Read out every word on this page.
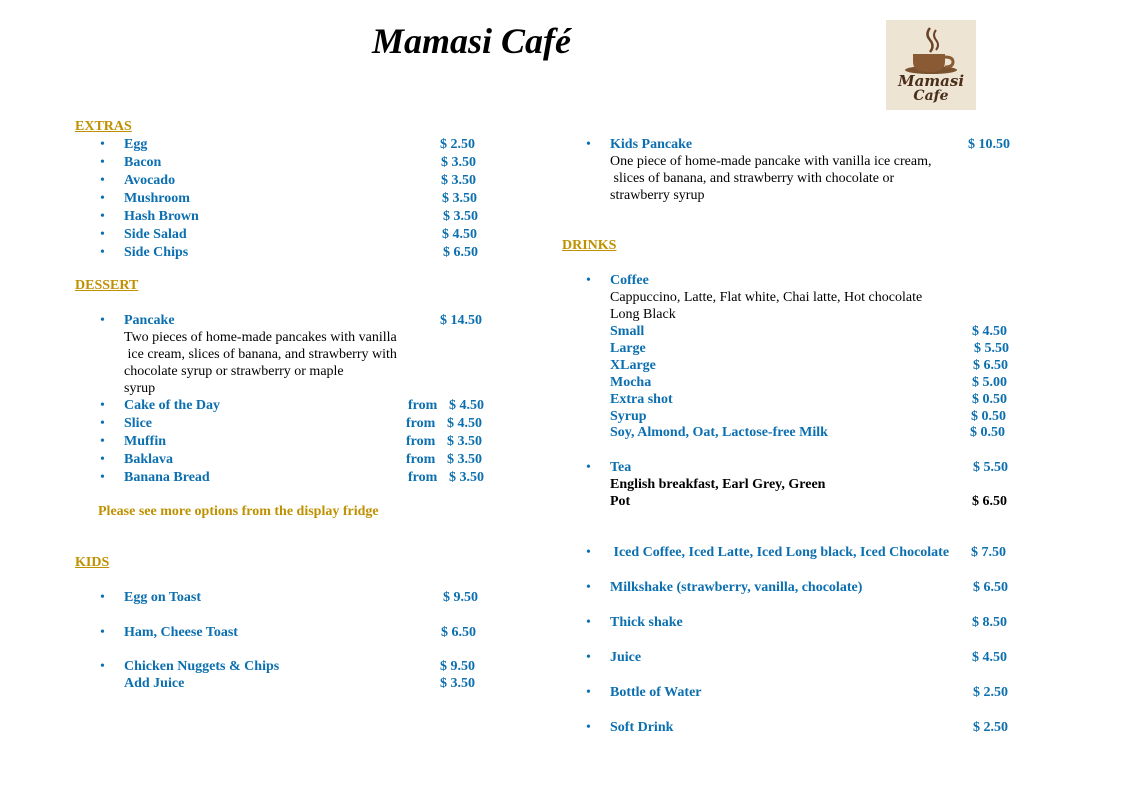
Mamasi Café
Mamasi
Cafe
EXTRAS
• Egg	$ 2.50
• Bacon	$ 3.50
• Avocado	$ 3.50
• Mushroom	$ 3.50
• Hash Brown	$ 3.50
• Side Salad	$ 4.50
• Side Chips	$ 6.50
DESSERT
• Pancake	$ 14.50
Two pieces of home-made pancakes with vanilla
ice cream, slices of banana, and strawberry with
chocolate syrup or strawberry or maple
syrup
• Cake of the Day	from $ 4.50
• Slice	from $ 4.50
• Muffin	from $ 3.50
• Baklava	from $ 3.50
• Banana Bread	from $ 3.50
Please see more options from the display fridge
KIDS
• Egg on Toast	$ 9.50
• Ham, Cheese Toast	$ 6.50
• Chicken Nuggets & Chips	$ 9.50
Add Juice	$ 3.50
• Kids Pancake	$ 10.50
One piece of home-made pancake with vanilla ice cream,
slices of banana, and strawberry with chocolate or
strawberry syrup
DRINKS
• Coffee
Cappuccino, Latte, Flat white, Chai latte, Hot chocolate
Long Black
Small	$ 4.50
Large	$ 5.50
XLarge	$ 6.50
Mocha	$ 5.00
Extra shot	$ 0.50
Syrup	$ 0.50
Soy, Almond, Oat, Lactose-free Milk	$ 0.50
• Tea	$ 5.50
English breakfast, Earl Grey, Green
Pot	$ 6.50
•  Iced Coffee, Iced Latte, Iced Long black, Iced Chocolate $ 7.50
• Milkshake (strawberry, vanilla, chocolate)	$ 6.50
• Thick shake	$ 8.50
• Juice	$ 4.50
• Bottle of Water	$ 2.50
• Soft Drink	$ 2.50
